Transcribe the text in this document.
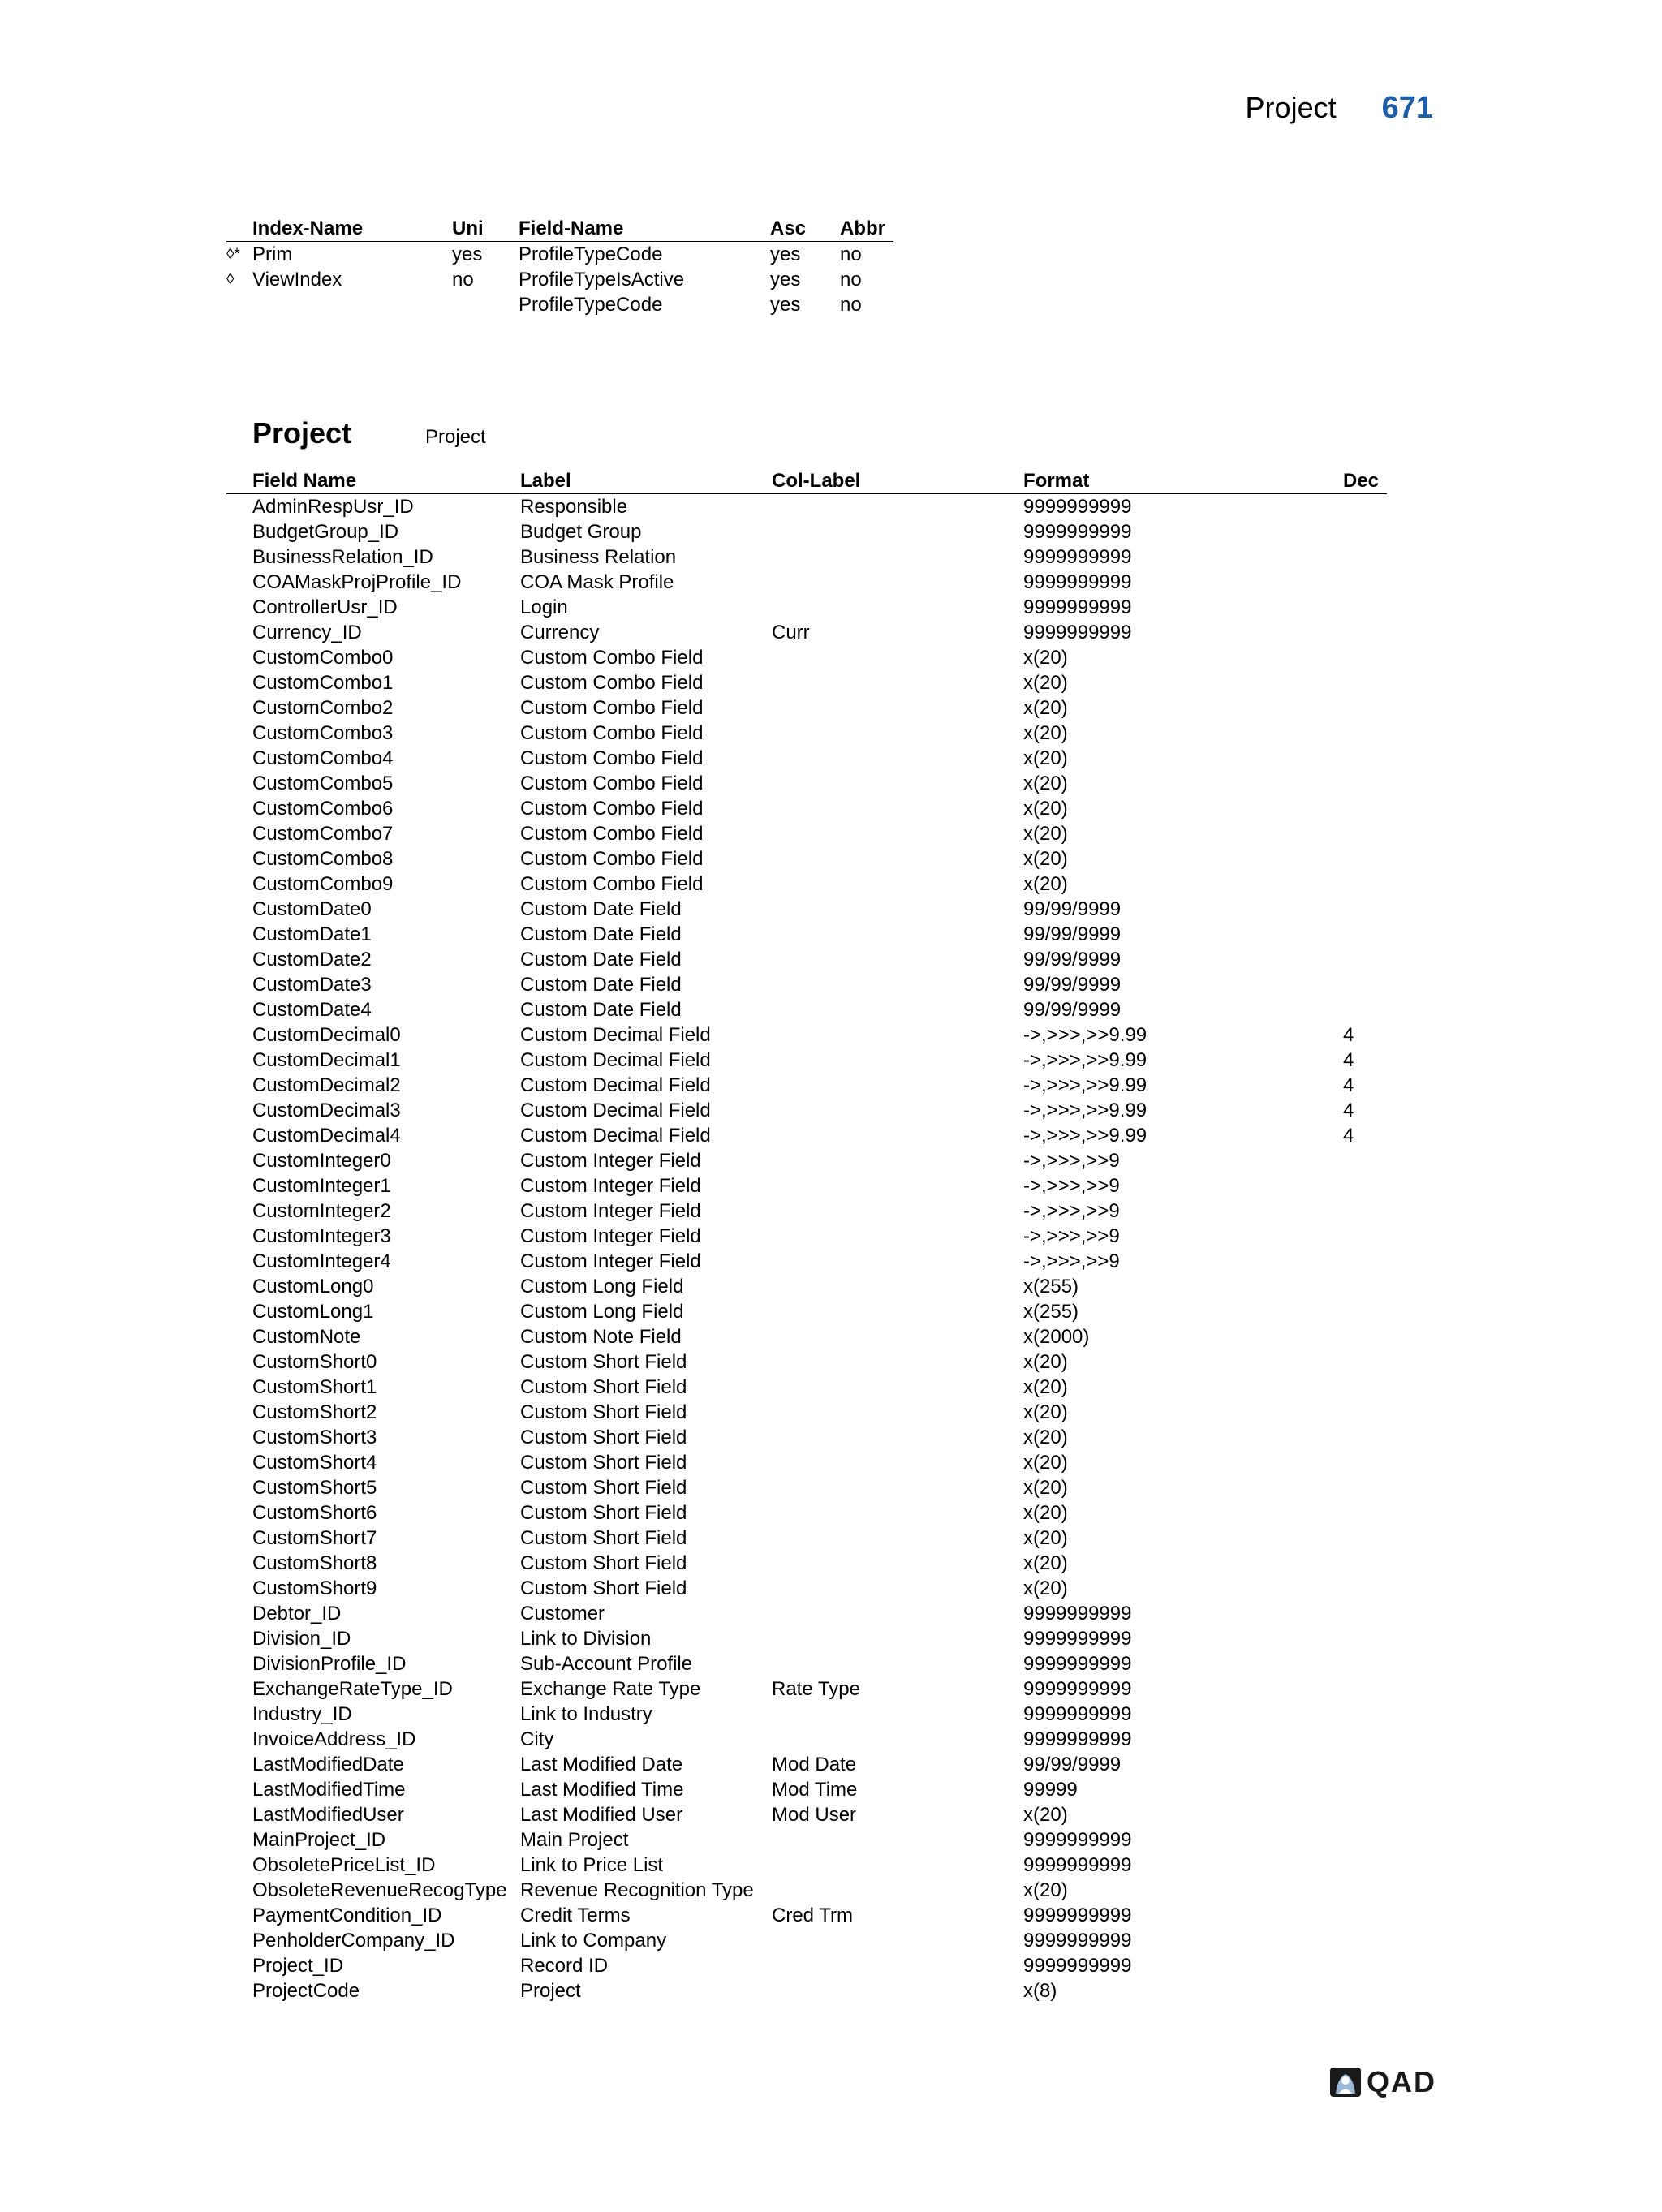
Project 671
	Index-Name	Uni	Field-Name	Asc	Abbr
◊*	Prim	yes	ProfileTypeCode	yes	no
◊	ViewIndex	no	ProfileTypeIsActive	yes	no
			ProfileTypeCode	yes	no
Project	Project
	Field Name	Label	Col-Label	Format	Dec
	AdminRespUsr_ID	Responsible		9999999999	
	BudgetGroup_ID	Budget Group		9999999999	
	BusinessRelation_ID	Business Relation		9999999999	
	COAMaskProjProfile_ID	COA Mask Profile		9999999999	
	ControllerUsr_ID	Login		9999999999	
	Currency_ID	Currency	Curr	9999999999	
	CustomCombo0	Custom Combo Field		x(20)	
	CustomCombo1	Custom Combo Field		x(20)	
	CustomCombo2	Custom Combo Field		x(20)	
	CustomCombo3	Custom Combo Field		x(20)	
	CustomCombo4	Custom Combo Field		x(20)	
	CustomCombo5	Custom Combo Field		x(20)	
	CustomCombo6	Custom Combo Field		x(20)	
	CustomCombo7	Custom Combo Field		x(20)	
	CustomCombo8	Custom Combo Field		x(20)	
	CustomCombo9	Custom Combo Field		x(20)	
	CustomDate0	Custom Date Field		99/99/9999	
	CustomDate1	Custom Date Field		99/99/9999	
	CustomDate2	Custom Date Field		99/99/9999	
	CustomDate3	Custom Date Field		99/99/9999	
	CustomDate4	Custom Date Field		99/99/9999	
	CustomDecimal0	Custom Decimal Field		->,>>>,>>9.99	4
	CustomDecimal1	Custom Decimal Field		->,>>>,>>9.99	4
	CustomDecimal2	Custom Decimal Field		->,>>>,>>9.99	4
	CustomDecimal3	Custom Decimal Field		->,>>>,>>9.99	4
	CustomDecimal4	Custom Decimal Field		->,>>>,>>9.99	4
	CustomInteger0	Custom Integer Field		->,>>>,>>9	
	CustomInteger1	Custom Integer Field		->,>>>,>>9	
	CustomInteger2	Custom Integer Field		->,>>>,>>9	
	CustomInteger3	Custom Integer Field		->,>>>,>>9	
	CustomInteger4	Custom Integer Field		->,>>>,>>9	
	CustomLong0	Custom Long Field		x(255)	
	CustomLong1	Custom Long Field		x(255)	
	CustomNote	Custom Note Field		x(2000)	
	CustomShort0	Custom Short Field		x(20)	
	CustomShort1	Custom Short Field		x(20)	
	CustomShort2	Custom Short Field		x(20)	
	CustomShort3	Custom Short Field		x(20)	
	CustomShort4	Custom Short Field		x(20)	
	CustomShort5	Custom Short Field		x(20)	
	CustomShort6	Custom Short Field		x(20)	
	CustomShort7	Custom Short Field		x(20)	
	CustomShort8	Custom Short Field		x(20)	
	CustomShort9	Custom Short Field		x(20)	
	Debtor_ID	Customer		9999999999	
	Division_ID	Link to Division		9999999999	
	DivisionProfile_ID	Sub-Account Profile		9999999999	
	ExchangeRateType_ID	Exchange Rate Type	Rate Type	9999999999	
	Industry_ID	Link to Industry		9999999999	
	InvoiceAddress_ID	City		9999999999	
	LastModifiedDate	Last Modified Date	Mod Date	99/99/9999	
	LastModifiedTime	Last Modified Time	Mod Time	99999	
	LastModifiedUser	Last Modified User	Mod User	x(20)	
	MainProject_ID	Main Project		9999999999	
	ObsoletePriceList_ID	Link to Price List		9999999999	
	ObsoleteRevenueRecogType	Revenue Recognition Type		x(20)	
	PaymentCondition_ID	Credit Terms	Cred Trm	9999999999	
	PenholderCompany_ID	Link to Company		9999999999	
	Project_ID	Record ID		9999999999	
	ProjectCode	Project		x(8)	
QAD
